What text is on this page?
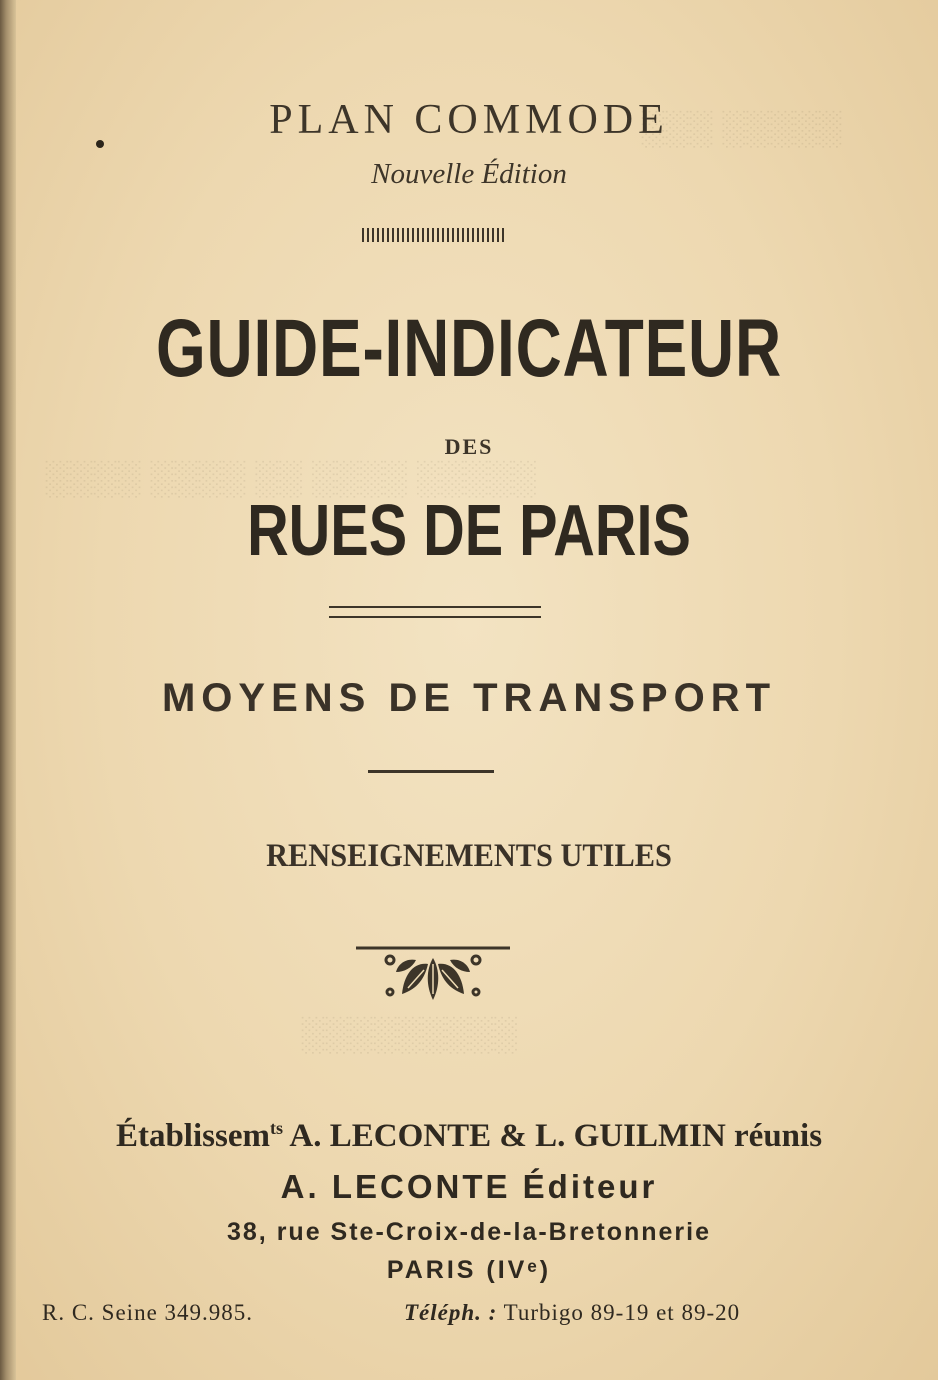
░░░ ░░░░░
░░░░ ░░░░ ░░ ░░░░ ░░░░░
░░░░░░░░░
PLAN COMMODE
Nouvelle Édition
GUIDE-INDICATEUR
DES
RUES DE PARIS
MOYENS DE TRANSPORT
RENSEIGNEMENTS UTILES
Établissem$^{ts}$ A. LECONTE & L. GUILMIN réunis
A. LECONTE Éditeur
38, rue Ste-Croix-de-la-Bretonnerie
PARIS (IVᵉ)
R. C. Seine 349.985.	Téléph. : Turbigo 89-19 et 89-20
